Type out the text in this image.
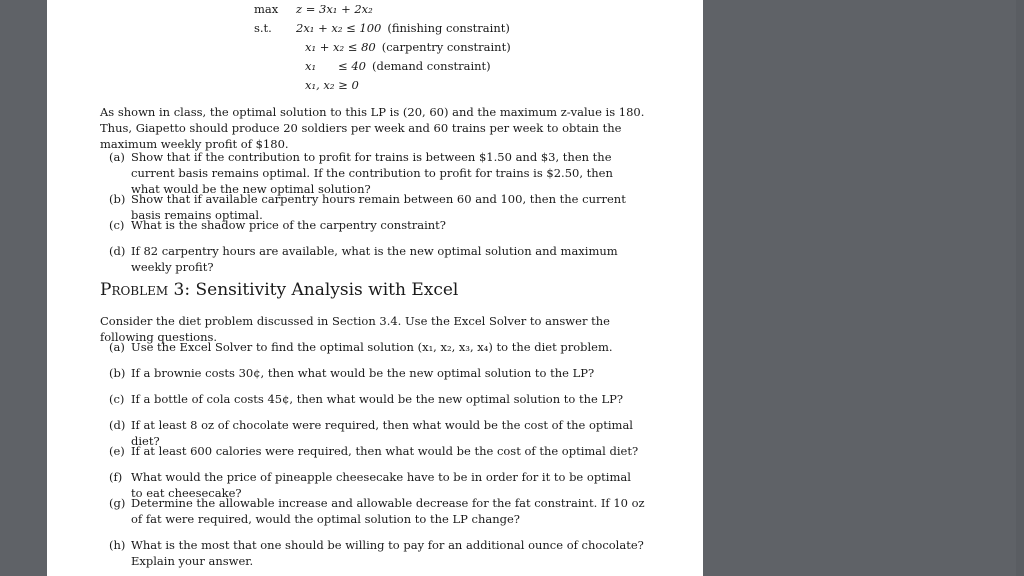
max	z = 3x₁ + 2x₂
s.t.	2x₁ + x₂ ≤ 100 (finishing constraint)
x₁ + x₂ ≤ 80 (carpentry constraint)
x₁      ≤ 40 (demand constraint)
x₁, x₂ ≥ 0
As shown in class, the optimal solution to this LP is (20, 60) and the maximum z-value is 180. Thus, Giapetto should produce 20 soldiers per week and 60 trains per week to obtain the maximum weekly profit of $180.
(a) Show that if the contribution to profit for trains is between $1.50 and $3, then the current basis remains optimal. If the contribution to profit for trains is $2.50, then what would be the new optimal solution?
(b) Show that if available carpentry hours remain between 60 and 100, then the current basis remains optimal.
(c) What is the shadow price of the carpentry constraint?
(d) If 82 carpentry hours are available, what is the new optimal solution and maximum weekly profit?
Problem 3: Sensitivity Analysis with Excel
Consider the diet problem discussed in Section 3.4. Use the Excel Solver to answer the following questions.
(a) Use the Excel Solver to find the optimal solution (x₁, x₂, x₃, x₄) to the diet problem.
(b) If a brownie costs 30¢, then what would be the new optimal solution to the LP?
(c) If a bottle of cola costs 45¢, then what would be the new optimal solution to the LP?
(d) If at least 8 oz of chocolate were required, then what would be the cost of the optimal diet?
(e) If at least 600 calories were required, then what would be the cost of the optimal diet?
(f) What would the price of pineapple cheesecake have to be in order for it to be optimal to eat cheesecake?
(g) Determine the allowable increase and allowable decrease for the fat constraint. If 10 oz of fat were required, would the optimal solution to the LP change?
(h) What is the most that one should be willing to pay for an additional ounce of chocolate? Explain your answer.
